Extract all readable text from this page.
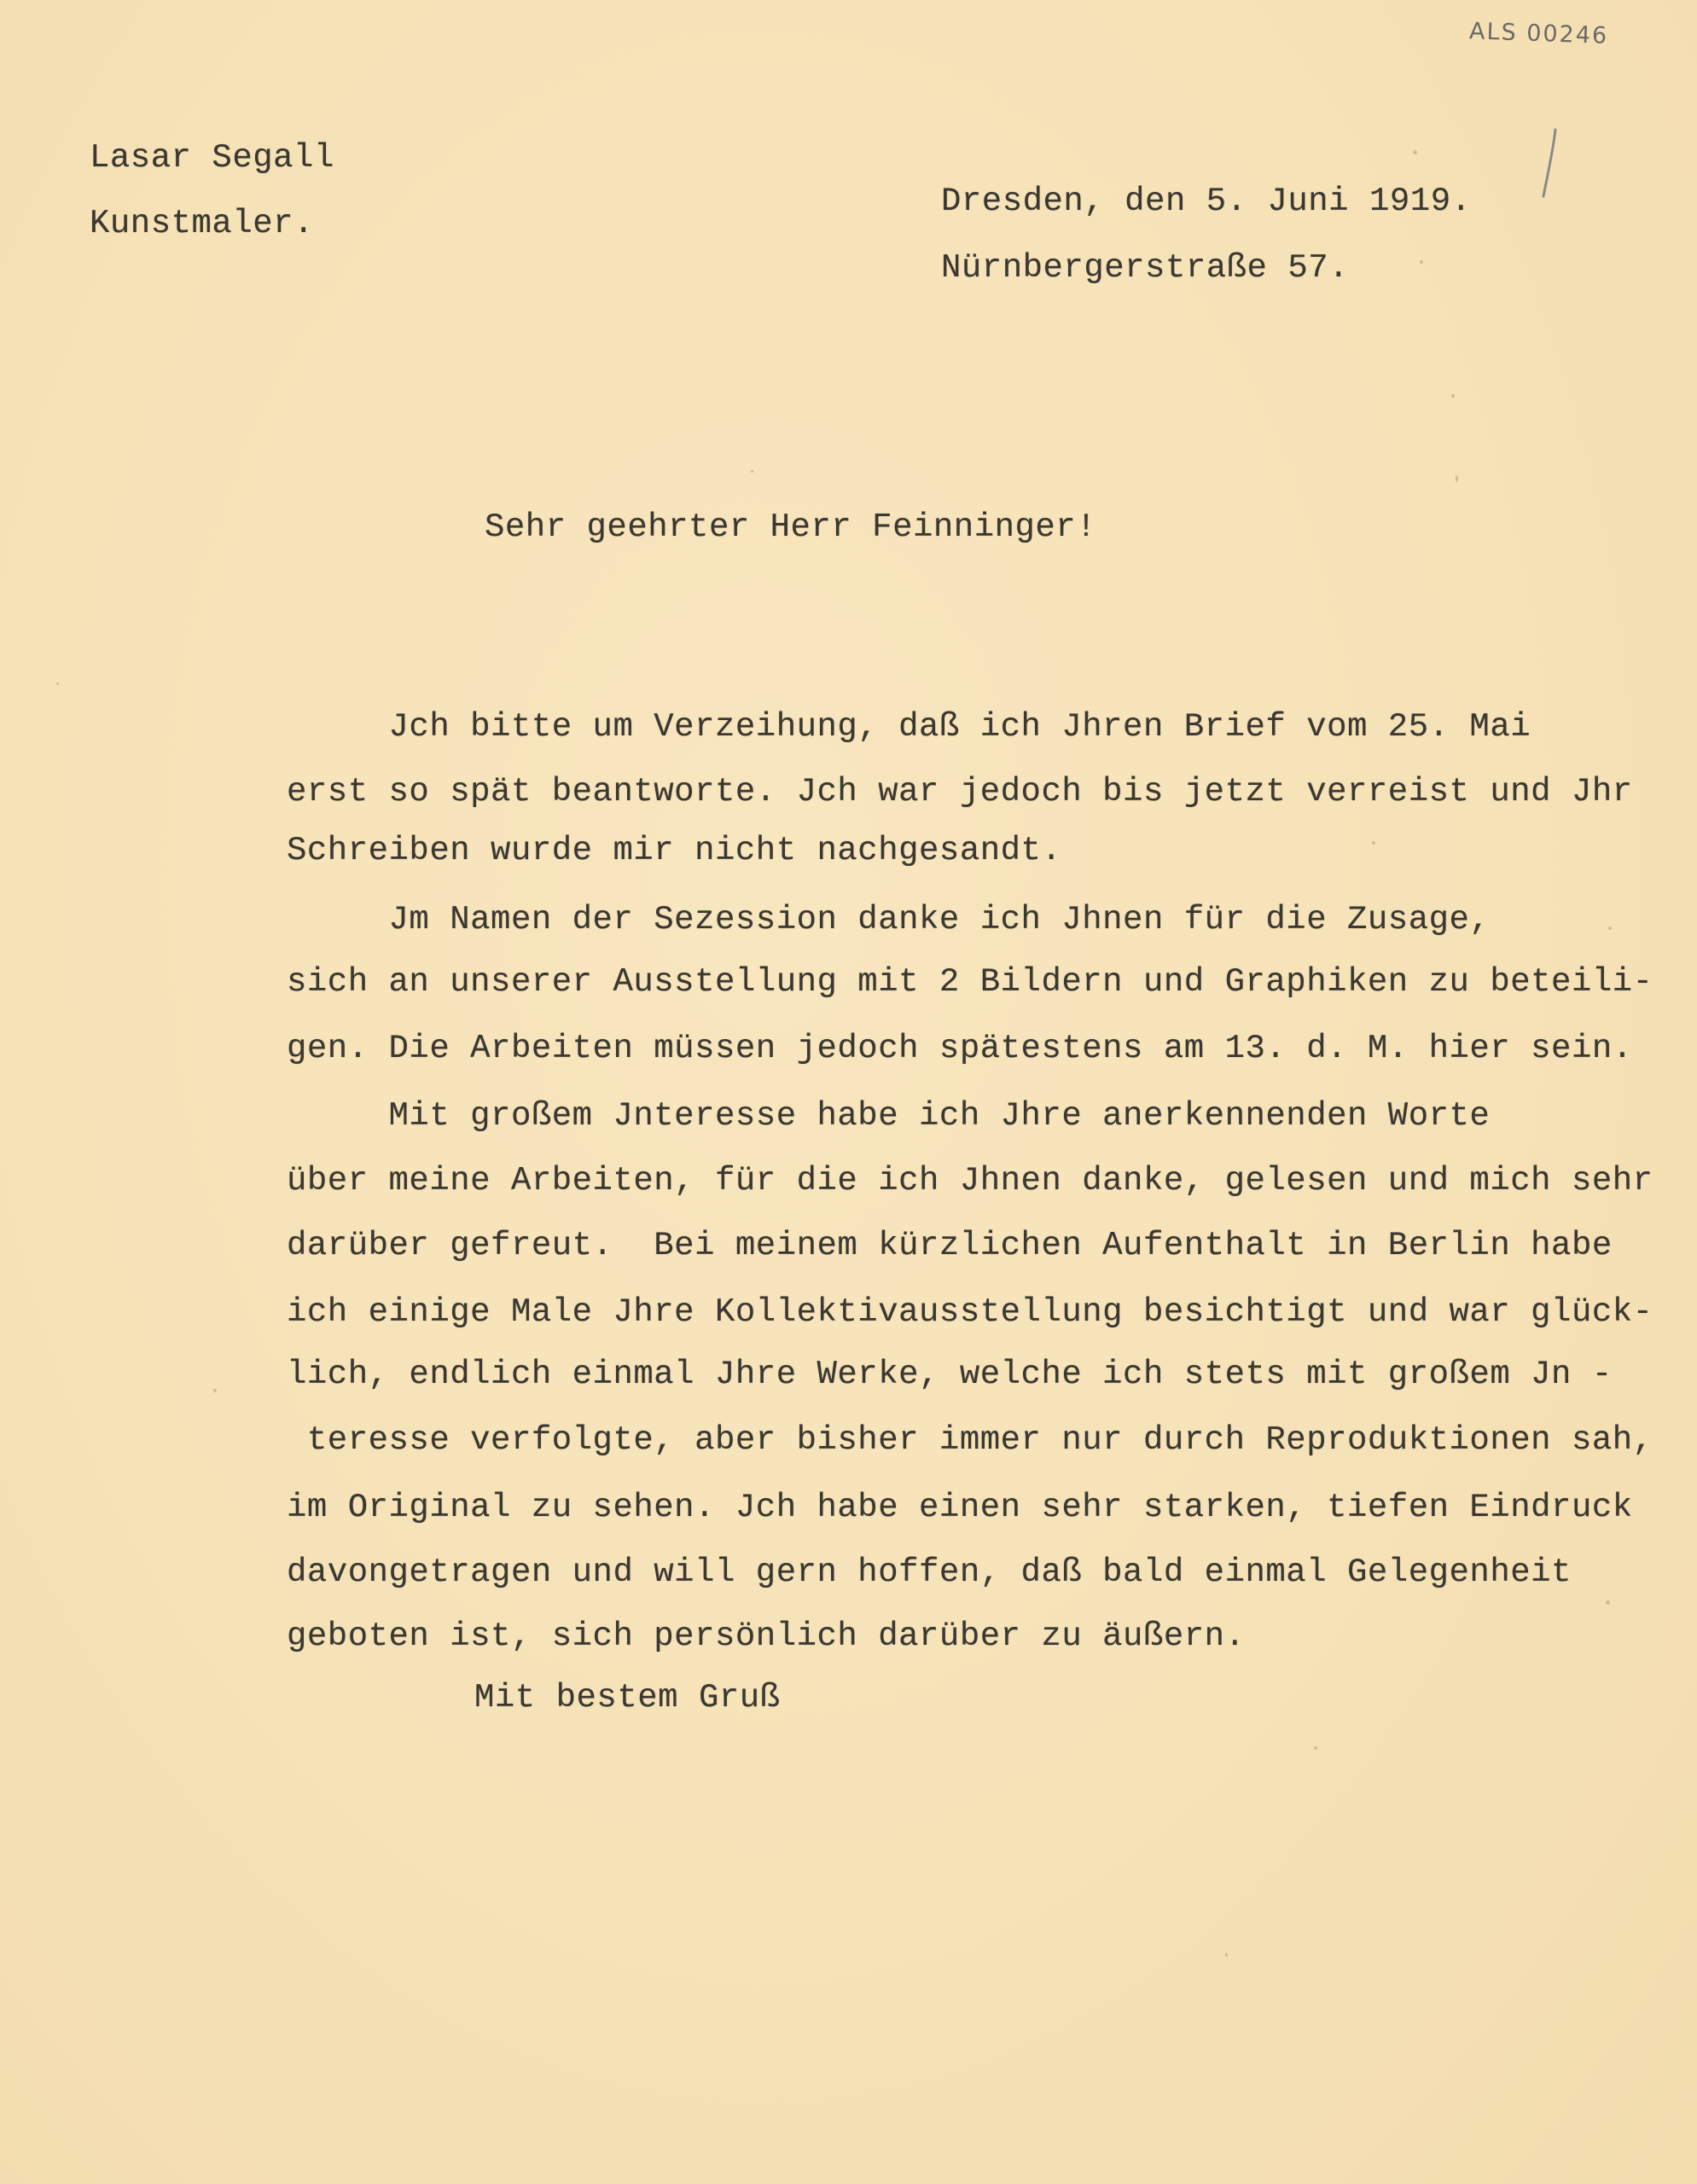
ALS 00246
Lasar Segall
Kunstmaler.
Dresden, den 5. Juni 1919.
Nürnbergerstraße 57.
Sehr geehrter Herr Feinninger!
Jch bitte um Verzeihung, daß ich Jhren Brief vom 25. Mai
erst so spät beantworte. Jch war jedoch bis jetzt verreist und Jhr
Schreiben wurde mir nicht nachgesandt.
Jm Namen der Sezession danke ich Jhnen für die Zusage,
sich an unserer Ausstellung mit 2 Bildern und Graphiken zu beteili-
gen. Die Arbeiten müssen jedoch spätestens am 13. d. M. hier sein.
Mit großem Jnteresse habe ich Jhre anerkennenden Worte
über meine Arbeiten, für die ich Jhnen danke, gelesen und mich sehr
darüber gefreut.  Bei meinem kürzlichen Aufenthalt in Berlin habe
ich einige Male Jhre Kollektivausstellung besichtigt und war glück-
lich, endlich einmal Jhre Werke, welche ich stets mit großem Jn -
teresse verfolgte, aber bisher immer nur durch Reproduktionen sah,
im Original zu sehen. Jch habe einen sehr starken, tiefen Eindruck
davongetragen und will gern hoffen, daß bald einmal Gelegenheit
geboten ist, sich persönlich darüber zu äußern.
Mit bestem Gruß
